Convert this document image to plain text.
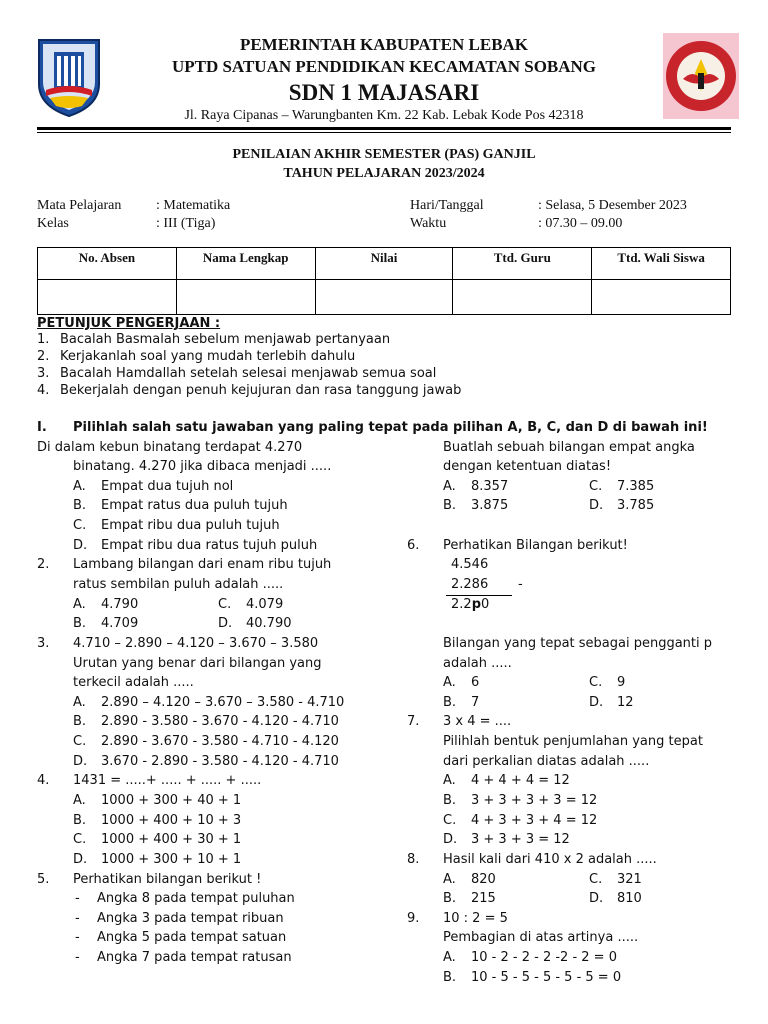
PEMERINTAH KABUPATEN LEBAK
UPTD SATUAN PENDIDIKAN KECAMATAN SOBANG
SDN 1 MAJASARI
Jl. Raya Cipanas – Warungbanten Km. 22 Kab. Lebak Kode Pos 42318
PENILAIAN AKHIR SEMESTER (PAS) GANJIL
TAHUN PELAJARAN 2023/2024
Mata Pelajaran : Matematika
Kelas	: III (Tiga)
Hari/Tanggal	: Selasa, 5 Desember 2023
Waktu	: 07.30 – 09.00
No. Absen	Nama Lengkap	Nilai	Ttd. Guru	Ttd. Wali Siswa

PETUNJUK PENGERJAAN :
1. Bacalah Basmalah sebelum menjawab pertanyaan
2. Kerjakanlah soal yang mudah terlebih dahulu
3. Bacalah Hamdallah setelah selesai menjawab semua soal
4. Bekerjalah dengan penuh kejujuran dan rasa tanggung jawab
I. Pilihlah salah satu jawaban yang paling tepat pada pilihan A, B, C, dan D di bawah ini!
Di dalam kebun binatang terdapat 4.270
binatang. 4.270 jika dibaca menjadi .....
A. Empat dua tujuh nol
B. Empat ratus dua puluh tujuh
C. Empat ribu dua puluh tujuh
D. Empat ribu dua ratus tujuh puluh
2. Lambang bilangan dari enam ribu tujuh
ratus sembilan puluh adalah .....
A. 4.790	C. 4.079
B. 4.709	D. 40.790
3. 4.710 – 2.890 – 4.120 – 3.670 – 3.580
Urutan yang benar dari bilangan yang
terkecil adalah .....
A. 2.890 – 4.120 – 3.670 – 3.580 - 4.710
B. 2.890 - 3.580 - 3.670 - 4.120 - 4.710
C. 2.890 - 3.670 - 3.580 - 4.710 - 4.120
D. 3.670 - 2.890 - 3.580 - 4.120 - 4.710
4. 1431 = .....+ ..... + ..... + .....
A. 1000 + 300 + 40 + 1
B. 1000 + 400 + 10 + 3
C. 1000 + 400 + 30 + 1
D. 1000 + 300 + 10 + 1
5. Perhatikan bilangan berikut !
- Angka 8 pada tempat puluhan
- Angka 3 pada tempat ribuan
- Angka 5 pada tempat satuan
- Angka 7 pada tempat ratusan
Buatlah sebuah bilangan empat angka
dengan ketentuan diatas!
A. 8.357	C. 7.385
B. 3.875	D. 3.785
6. Perhatikan Bilangan berikut!
4.546
2.286 -
2.2p0
Bilangan yang tepat sebagai pengganti p
adalah .....
A. 6	C. 9
B. 7	D. 12
7. 3 x 4 = ....
Pilihlah bentuk penjumlahan yang tepat
dari perkalian diatas adalah .....
A. 4 + 4 + 4 = 12
B. 3 + 3 + 3 + 3 = 12
C. 4 + 3 + 3 + 4 = 12
D. 3 + 3 + 3 = 12
8. Hasil kali dari 410 x 2 adalah .....
A. 820	C. 321
B. 215	D. 810
9. 10 : 2 = 5
Pembagian di atas artinya .....
A. 10 - 2 - 2 - 2 -2 - 2 = 0
B. 10 - 5 - 5 - 5 - 5 - 5 = 0
